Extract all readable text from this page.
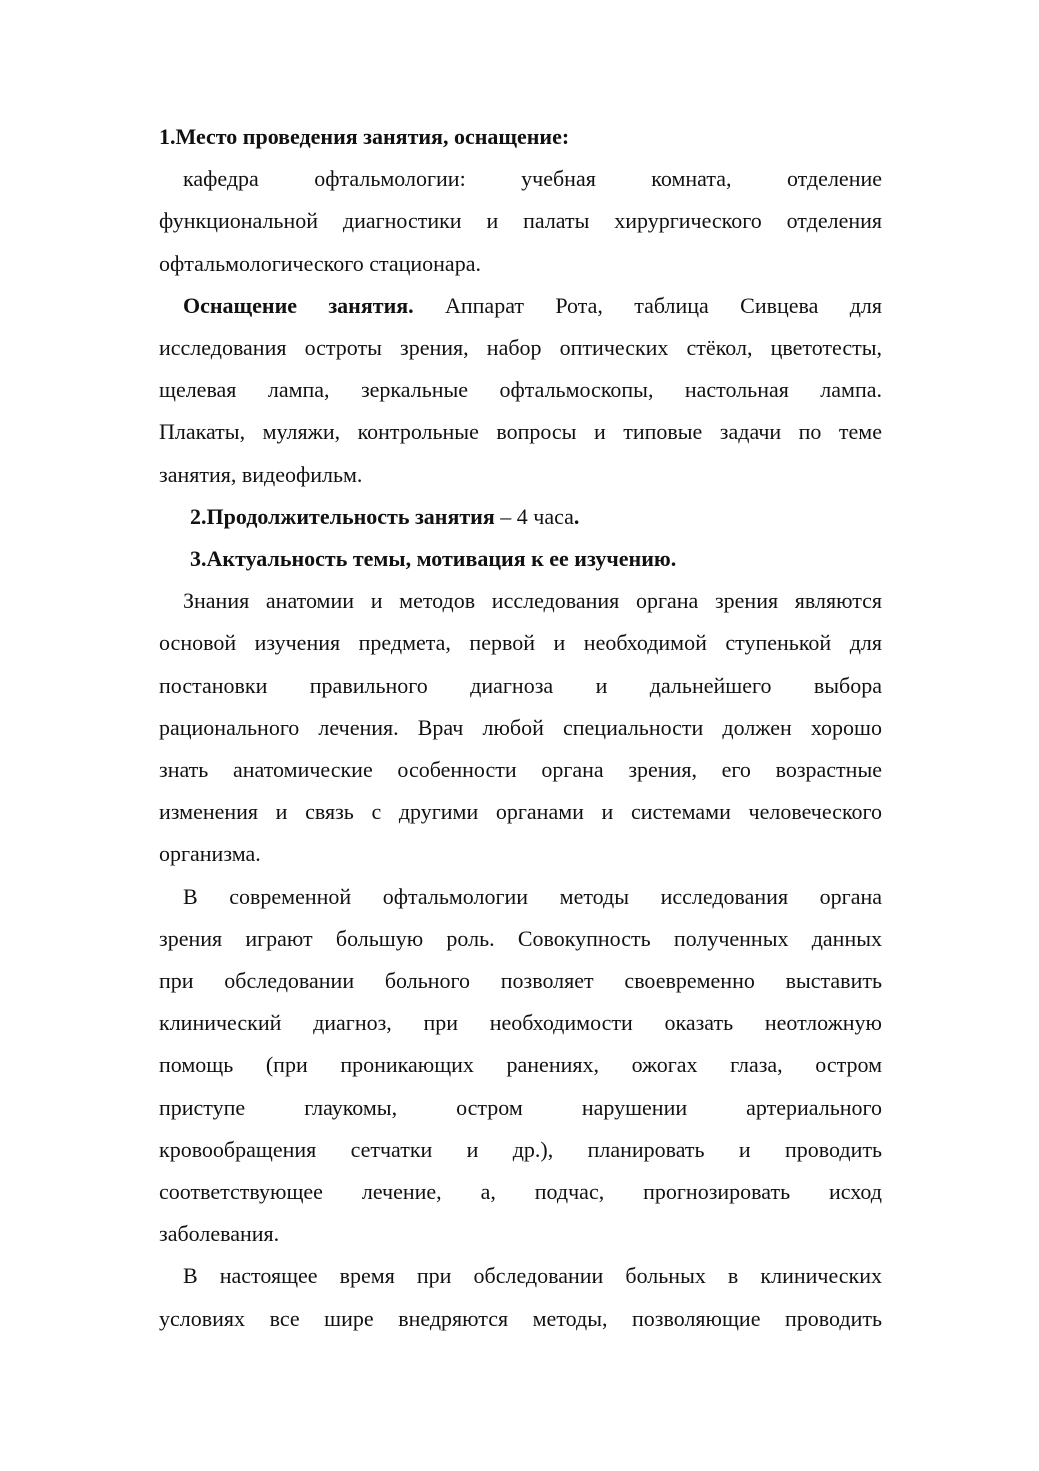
1.Место проведения занятия, оснащение:
кафедра офтальмологии: учебная комната, отделение
функциональной диагностики и палаты хирургического отделения
офтальмологического стационара.
Оснащение занятия. Аппарат Рота, таблица Сивцева для
исследования остроты зрения, набор оптических стёкол, цветотесты,
щелевая лампа, зеркальные офтальмоскопы, настольная лампа.
Плакаты, муляжи, контрольные вопросы и типовые задачи по теме
занятия, видеофильм.
2.Продолжительность занятия – 4 часа.
3.Актуальность темы, мотивация к ее изучению.
Знания анатомии и методов исследования органа зрения являются
основой изучения предмета, первой и необходимой ступенькой для
постановки правильного диагноза и дальнейшего выбора
рационального лечения. Врач любой специальности должен хорошо
знать анатомические особенности органа зрения, его возрастные
изменения и связь с другими органами и системами человеческого
организма.
В современной офтальмологии методы исследования органа
зрения играют большую роль. Совокупность полученных данных
при обследовании больного позволяет своевременно выставить
клинический диагноз, при необходимости оказать неотложную
помощь (при проникающих ранениях, ожогах глаза, остром
приступе глаукомы, остром нарушении артериального
кровообращения сетчатки и др.), планировать и проводить
соответствующее лечение, а, подчас, прогнозировать исход
заболевания.
В настоящее время при обследовании больных в клинических
условиях все шире внедряются методы, позволяющие проводить
